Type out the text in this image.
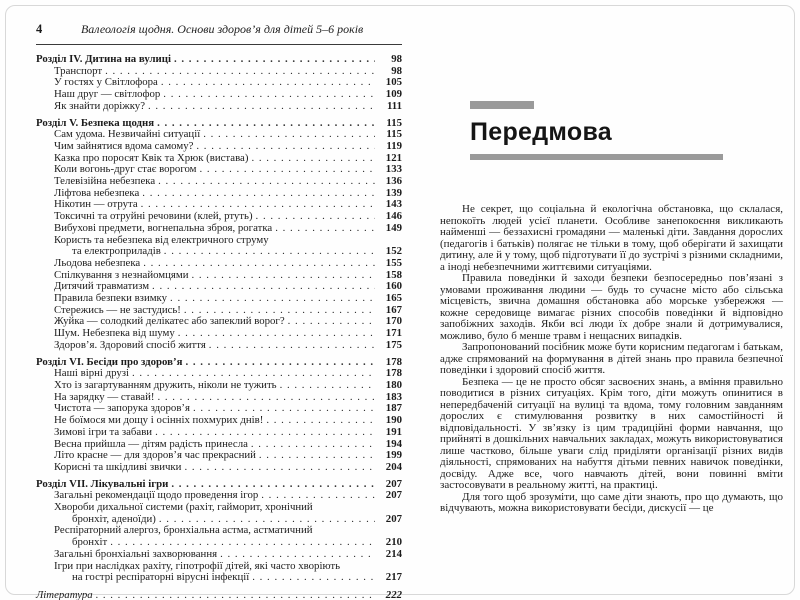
4	Валеологія щодня. Основи здоров’я для дітей 5–6 років
Розділ IV. Дитина на вулиці . . .	98
Транспорт . . .	98
У гостях у Світлофора . . .	105
Наш друг — світлофор . . .	109
Як знайти доріжку? . . .	111
Розділ V. Безпека щодня . . .	115
Сам удома. Незвичайні ситуації . . .	115
Чим зайнятися вдома самому? . . .	119
Казка про поросят Квік та Хрюк (вистава) . . .	121
Коли вогонь-друг стає ворогом . . .	133
Телевізійна небезпека . . .	136
Ліфтова небезпека . . .	139
Нікотин — отрута . . .	143
Токсичні та отруйні речовини (клей, ртуть) . . .	146
Вибухові предмети, вогнепальна зброя, рогатка . . .	149
Користь та небезпека від електричного струму
та електроприладів . . .	152
Льодова небезпека . . .	155
Спілкування з незнайомцями . . .	158
Дитячий травматизм . . .	160
Правила безпеки взимку . . .	165
Стережись — не застудись! . . .	167
Жуйка — солодкий делікатес або запеклий ворог? . . .	170
Шум. Небезпека від шуму . . .	171
Здоров’я. Здоровий спосіб життя . . .	175
Розділ VI. Бесіди про здоров’я . . .	178
Наші вірні друзі . . .	178
Хто із загартуванням дружить, ніколи не тужить . . .	180
На зарядку — ставай! . . .	183
Чистота — запорука здоров’я . . .	187
Не боїмося ми дощу і осінніх похмурих днів! . . .	190
Зимові ігри та забави . . .	191
Весна прийшла — дітям радість принесла . . .	194
Літо красне — для здоров’я час прекрасний . . .	199
Корисні та шкідливі звички . . .	204
Розділ VII. Лікувальні ігри . . .	207
Загальні рекомендації щодо проведення ігор . . .	207
Хвороби дихальної системи (рахіт, гайморит, хронічний
бронхіт, аденоїди) . . .	207
Респіраторний алергоз, бронхіальна астма, астматичний
бронхіт . . .	210
Загальні бронхіальні захворювання . . .	214
Ігри при наслідках рахіту, гіпотрофії дітей, які часто хворіють
на гострі респіраторні вірусні інфекції . . .	217
Література . . .	222
Передмова

Не секрет, що соціальна й екологічна обстановка, що склалася, непокоїть людей усієї планети. Особливе занепокоєння викликають найменші — беззахисні громадяни — маленькі діти. Завдання дорослих (педагогів і батьків) полягає не тільки в тому, щоб оберігати й захищати дитину, але й у тому, щоб підготувати її до зустрічі з різними складними, а іноді небезпечними життєвими ситуаціями.

Правила поведінки й заходи безпеки безпосередньо пов’язані з умовами проживання людини — будь то сучасне місто або сільська місцевість, звична домашня обстановка або морське узбережжя — кожне середовище вимагає різних способів поведінки й відповідно запобіжних заходів. Якби всі люди їх добре знали й дотримувалися, можливо, було б менше травм і нещасних випадків.

Запропонований посібник може бути корисним педагогам і батькам, адже спрямований на формування в дітей знань про правила безпечної поведінки і здоровий спосіб життя.

Безпека — це не просто обсяг засвоєних знань, а вміння правильно поводитися в різних ситуаціях. Крім того, діти можуть опинитися в непередбаченій ситуації на вулиці та вдома, тому головним завданням дорослих є стимулювання розвитку в них самостійності й відповідальності. У зв’язку із цим традиційні форми навчання, що прийняті в дошкільних навчальних закладах, можуть використовуватися лише частково, більше уваги слід приділяти організації різних видів діяльності, спрямованих на набуття дітьми певних навичок поведінки, досвіду. Адже все, чого навчають дітей, вони повинні вміти застосовувати в реальному житті, на практиці.

Для того щоб зрозуміти, що саме діти знають, про що думають, що відчувають, можна використовувати бесіди, дискусії — це
